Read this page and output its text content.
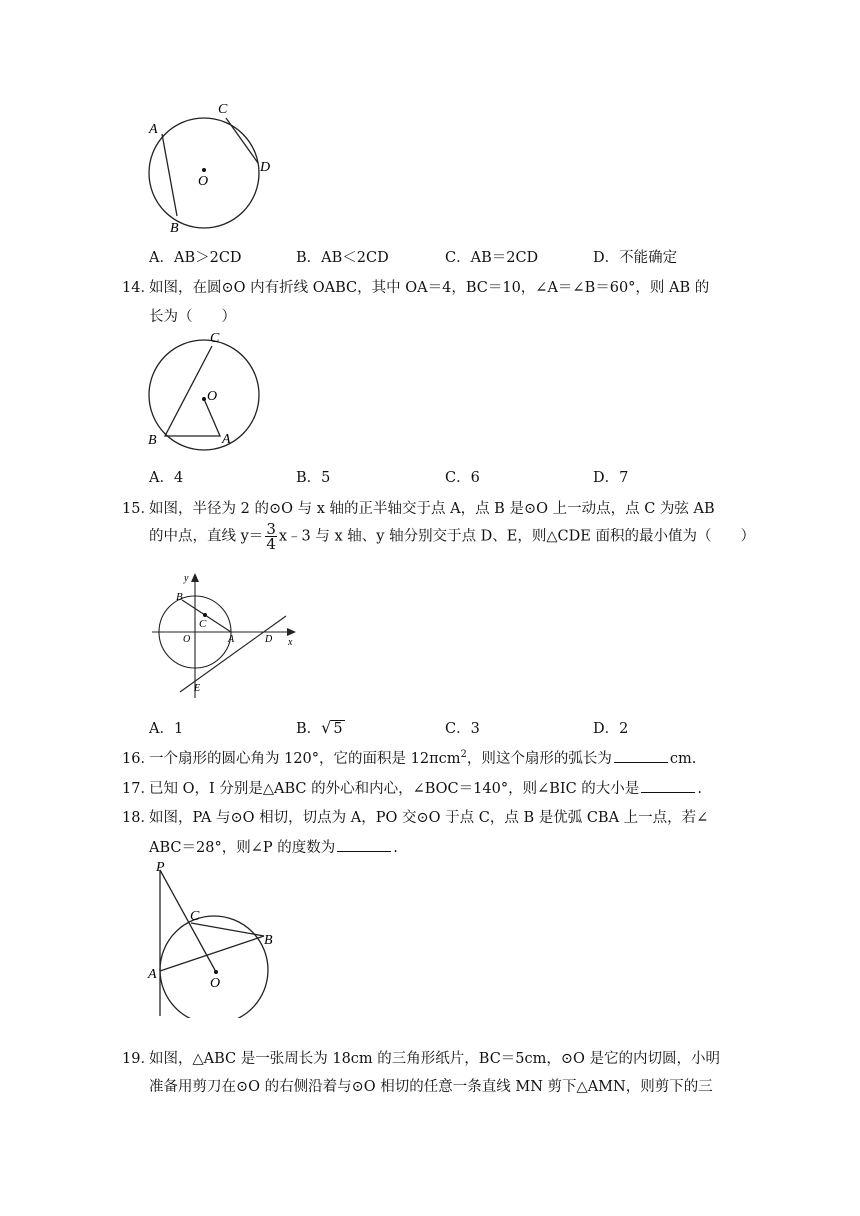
A
B
C
D
O
A．AB＞2CD	B．AB＜2CD	C．AB＝2CD	D．不能确定
14．
如图，在圆⊙O 内有折线 OABC，其中 OA＝4，BC＝10，∠A＝∠B＝60°，则 AB 的
长为（　　）
C
O
B	A
A．4	B．5	C．6	D．7
15．
如图，半径为 2 的⊙O 与 x 轴的正半轴交于点 A，点 B 是⊙O 上一动点，点 C 为弦 AB
的中点，直线 $y= \frac{3}{4}$ x﹣3 与 x 轴、y 轴分别交于点 D、E，则△CDE 面积的最小值为（　　）
y
x
B
C
O	A	D
E
A．1	B．√ 5	C．3	D．2
16．
一个扇形的圆心角为 120°，它的面积是 12πcm$^2$，则这个扇形的弧长为	cm.
17．
已知 O，I 分别是△ABC 的外心和内心，∠BOC＝140°，则∠BIC 的大小是	.
18．
如图，PA 与⊙O 相切，切点为 A，PO 交⊙O 于点 C，点 B 是优弧 CBA 上一点，若∠
ABC＝28°，则∠P 的度数为	.
P
C
B
A
O
19．
如图，△ABC 是一张周长为 18cm 的三角形纸片，BC＝5cm，⊙O 是它的内切圆，小明
准备用剪刀在⊙O 的右侧沿着与⊙O 相切的任意一条直线 MN 剪下△AMN，则剪下的三
